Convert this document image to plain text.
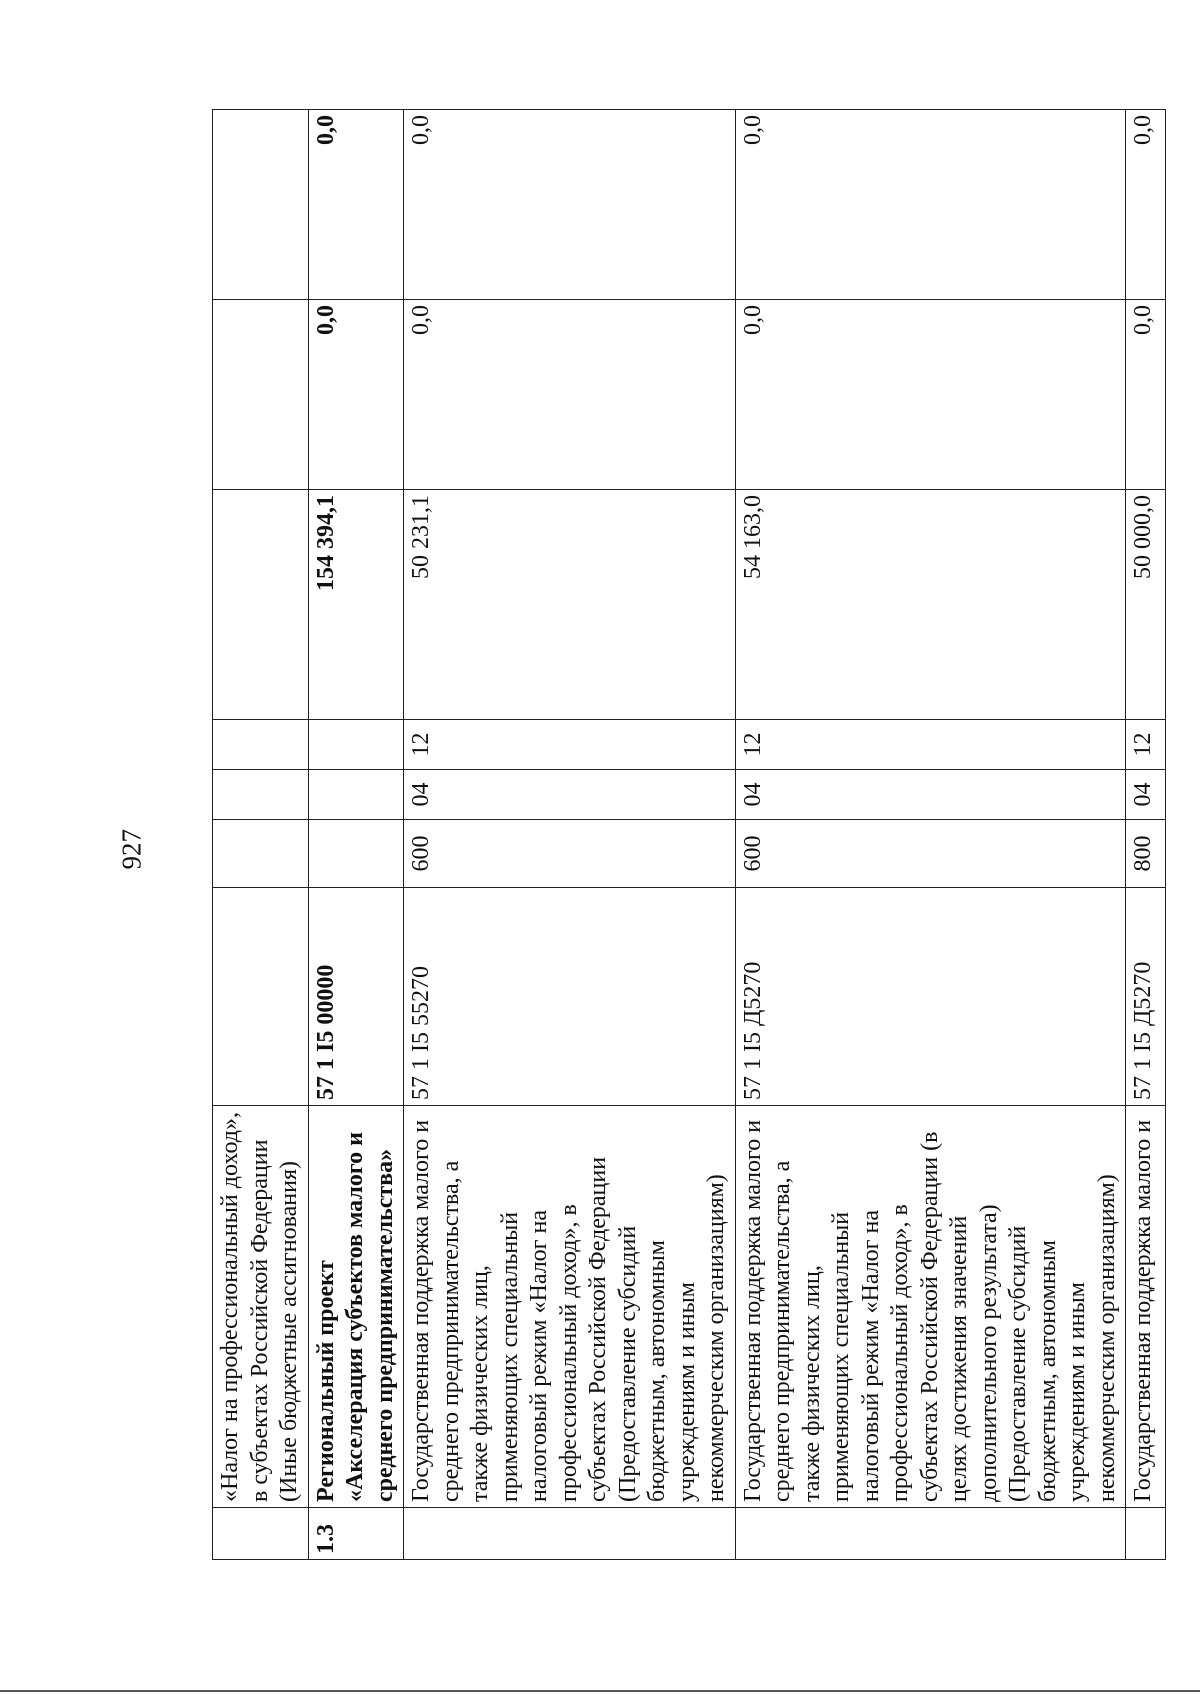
927
	«Налог на профессиональный доход», в субъектах Российской Федерации (Иные бюджетные ассигнования)							
1.3	Региональный проект «Акселерация субъектов малого и среднего предпринимательства»	57 1 I5 00000				154 394,1	0,0	0,0
	Государственная поддержка малого и среднего предпринимательства, а также физических лиц, применяющих специальный налоговый режим «Налог на профессиональный доход», в субъектах Российской Федерации (Предоставление субсидий бюджетным, автономным учреждениям и иным некоммерческим организациям)	57 1 I5 55270	600	04	12	50 231,1	0,0	0,0
	Государственная поддержка малого и среднего предпринимательства, а также физических лиц, применяющих специальный налоговый режим «Налог на профессиональный доход», в субъектах Российской Федерации (в целях достижения значений дополнительного результата) (Предоставление субсидий бюджетным, автономным учреждениям и иным некоммерческим организациям)	57 1 I5 Д5270	600	04	12	54 163,0	0,0	0,0
	Государственная поддержка малого и	57 1 I5 Д5270	800	04	12	50 000,0	0,0	0,0
